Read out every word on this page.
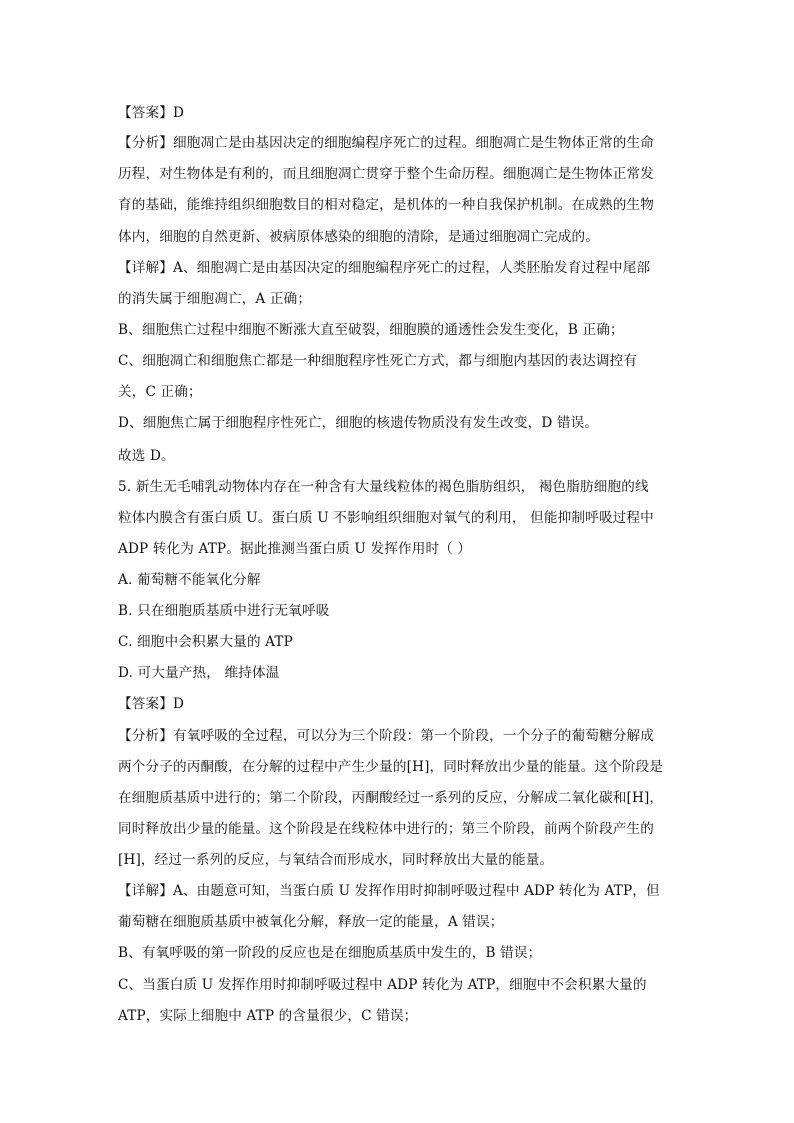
【答案】D
【分析】细胞凋亡是由基因决定的细胞编程序死亡的过程。细胞凋亡是生物体正常的生命
历程，对生物体是有利的，而且细胞凋亡贯穿于整个生命历程。细胞凋亡是生物体正常发
育的基础，能维持组织细胞数目的相对稳定，是机体的一种自我保护机制。在成熟的生物
体内，细胞的自然更新、被病原体感染的细胞的清除，是通过细胞凋亡完成的。
【详解】A、细胞凋亡是由基因决定的细胞编程序死亡的过程，人类胚胎发育过程中尾部
的消失属于细胞凋亡，A 正确；
B、细胞焦亡过程中细胞不断涨大直至破裂，细胞膜的通透性会发生变化，B 正确；
C、细胞凋亡和细胞焦亡都是一种细胞程序性死亡方式，都与细胞内基因的表达调控有
关，C 正确；
D、细胞焦亡属于细胞程序性死亡，细胞的核遗传物质没有发生改变，D 错误。
故选 D。
5. 新生无毛哺乳动物体内存在一种含有大量线粒体的褐色脂肪组织， 褐色脂肪细胞的线
粒体内膜含有蛋白质 U。蛋白质 U 不影响组织细胞对氧气的利用， 但能抑制呼吸过程中
ADP 转化为 ATP。据此推测当蛋白质 U 发挥作用时（ ）
A. 葡萄糖不能氧化分解
B. 只在细胞质基质中进行无氧呼吸
C. 细胞中会积累大量的 ATP
D. 可大量产热， 维持体温
【答案】D
【分析】有氧呼吸的全过程，可以分为三个阶段：第一个阶段，一个分子的葡萄糖分解成
两个分子的丙酮酸，在分解的过程中产生少量的[H]，同时释放出少量的能量。这个阶段是
在细胞质基质中进行的；第二个阶段，丙酮酸经过一系列的反应，分解成二氧化碳和[H]，
同时释放出少量的能量。这个阶段是在线粒体中进行的；第三个阶段，前两个阶段产生的
[H]，经过一系列的反应，与氧结合而形成水，同时释放出大量的能量。
【详解】A、由题意可知，当蛋白质 U 发挥作用时抑制呼吸过程中 ADP 转化为 ATP，但
葡萄糖在细胞质基质中被氧化分解，释放一定的能量，A 错误；
B、有氧呼吸的第一阶段的反应也是在细胞质基质中发生的，B 错误；
C、当蛋白质 U 发挥作用时抑制呼吸过程中 ADP 转化为 ATP，细胞中不会积累大量的
ATP，实际上细胞中 ATP 的含量很少，C 错误；
